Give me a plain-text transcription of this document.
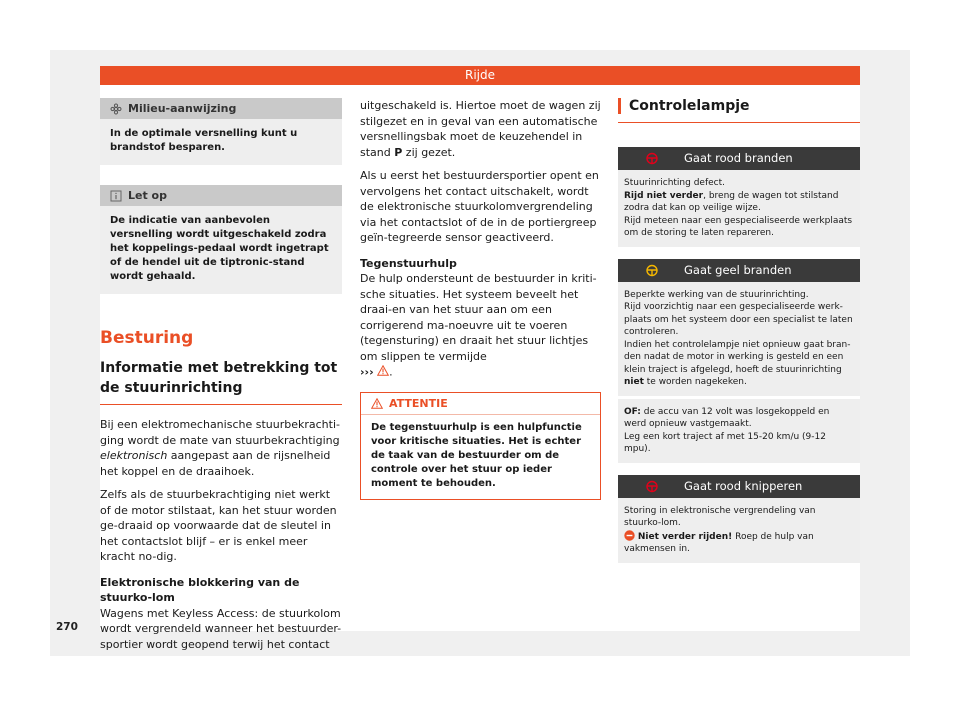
Rijde
270
Milieu-aanwijzing
In de optimale versnelling kunt u brandstof besparen.
Let op
De indicatie van aanbevolen versnelling wordt uitgeschakeld zodra het koppelings-pedaal wordt ingetrapt of de hendel uit de tiptronic-stand wordt gehaald.
Besturing
Informatie met betrekking tot de stuurinrichting

Bij een elektromechanische stuurbekrachti-ging wordt de mate van stuurbekrachtiging elektronisch aangepast aan de rijsnelheid het koppel en de draaihoek.

Zelfs als de stuurbekrachtiging niet werkt of de motor stilstaat, kan het stuur worden ge-draaid op voorwaarde dat de sleutel in het contactslot blijf – er is enkel meer kracht no-dig.

Elektronische blokkering van de stuurko-lom

Wagens met Keyless Access: de stuurkolom wordt vergrendeld wanneer het bestuurder-sportier wordt geopend terwij het contact

uitgeschakeld is. Hiertoe moet de wagen zij stilgezet en in geval van een automatische versnellingsbak moet de keuzehendel in stand P zij gezet.

Als u eerst het bestuurdersportier opent en vervolgens het contact uitschakelt, wordt de elektronische stuurkolomvergrendeling via het contactslot of de in de portiergreep geïn-tegreerde sensor geactiveerd.

Tegenstuurhulp

De hulp ondersteunt de bestuurder in kriti-sche situaties. Het systeem beveelt het draai-en van het stuur aan om een corrigerend ma-noeuvre uit te voeren (tegensturing) en draait het stuur lichtjes om slippen te vermijde
››› .

ATTENTIE
De tegenstuurhulp is een hulpfunctie voor kritische situaties. Het is echter de taak van de bestuurder om de controle over het stuur op ieder moment te behouden.
Controlelampje
Gaat rood branden
Stuurinrichting defect.
Rijd niet verder, breng de wagen tot stilstand zodra dat kan op veilige wijze.
Rijd meteen naar een gespecialiseerde werkplaats om de storing te laten repareren.
Gaat geel branden
Beperkte werking van de stuurinrichting.
Rijd voorzichtig naar een gespecialiseerde werk-plaats om het systeem door een specialist te laten controleren.
Indien het controlelampje niet opnieuw gaat bran-den nadat de motor in werking is gesteld en een klein traject is afgelegd, hoeft de stuurinrichting niet te worden nagekeken.
OF: de accu van 12 volt was losgekoppeld en werd opnieuw vastgemaakt.
Leg een kort traject af met 15-20 km/u (9-12 mpu).
Gaat rood knipperen
Storing in elektronische vergrendeling van stuurko-lom.
Niet verder rijden! Roep de hulp van vakmensen in.
